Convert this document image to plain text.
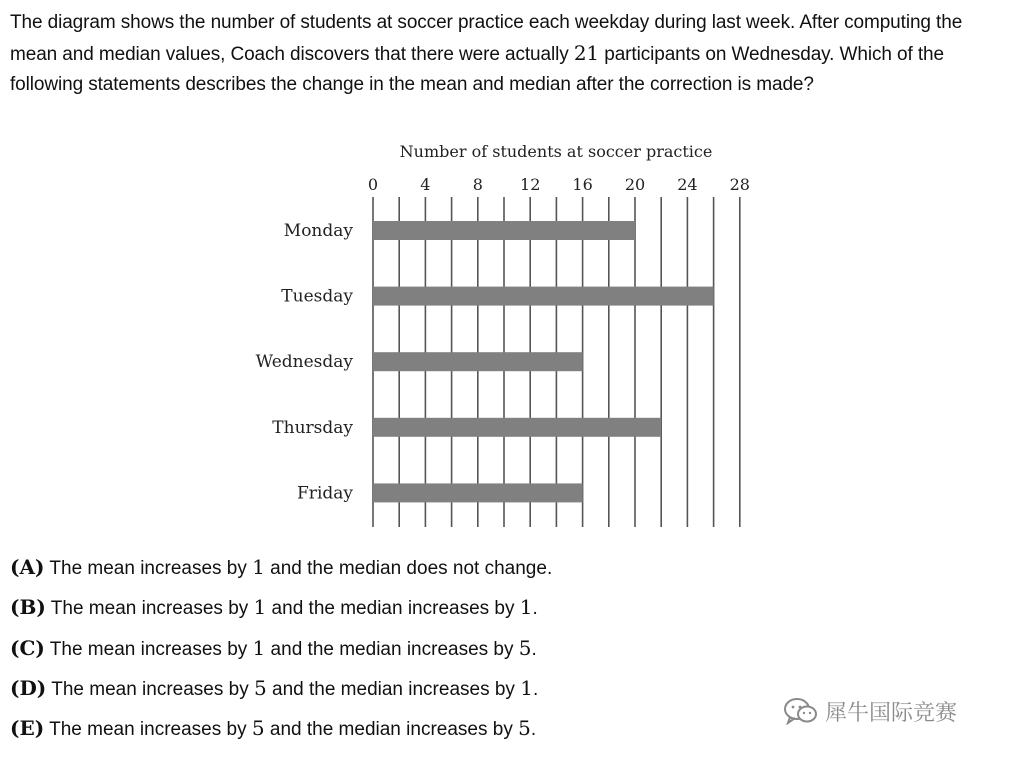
The diagram shows the number of students at soccer practice each weekday during last week. After computing the mean and median values, Coach discovers that there were actually 21 participants on Wednesday. Which of the following statements describes the change in the mean and median after the correction is made?
Number of students at soccer practice
0	4	8 12 16 20 24 28
Monday
Tuesday
Wednesday
Thursday
Friday
(A) The mean increases by 1 and the median does not change.
(B) The mean increases by 1 and the median increases by 1.
(C) The mean increases by 1 and the median increases by 5.
(D) The mean increases by 5 and the median increases by 1.
(E) The mean increases by 5 and the median increases by 5.
犀牛国际竞赛
